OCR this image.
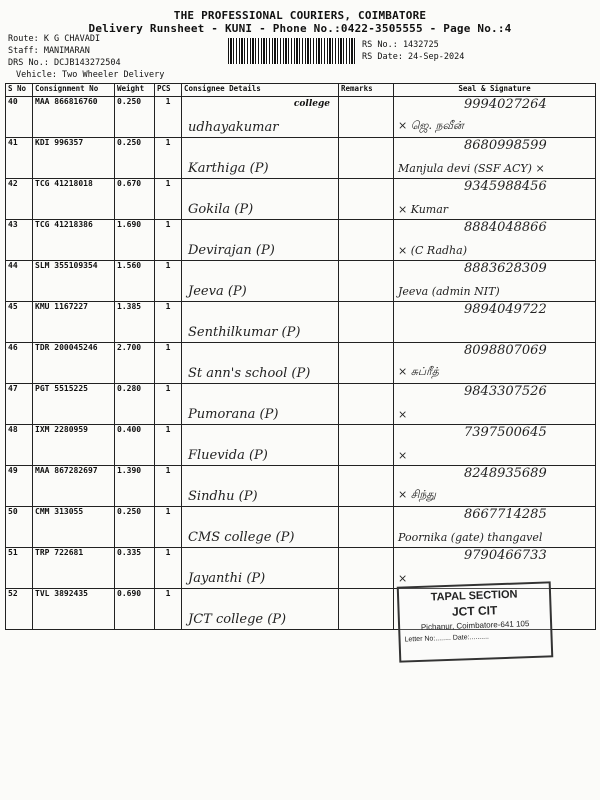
THE PROFESSIONAL COURIERS, COIMBATORE
Delivery Runsheet - KUNI - Phone No.:0422-3505555 - Page No.:4
Route: K G CHAVADI
Staff: MANIMARAN
DRS No.: DCJB143272504
Vehicle: Two Wheeler Delivery
RS No.: 1432725
RS Date: 24-Sep-2024
S No	Consignment No	Weight	PCS	Consignee Details	Remarks	Seal & Signature
40	MAA 866816760	0.250	1	college
udhayakumar		9994027264
× ஜெ. நவீன்

41	KDI 996357	0.250	1	Karthiga (P)		8680998599
Manjula devi (SSF ACY) ×

42	TCG 41218018	0.670	1	Gokila (P)		9345988456
× Kumar

43	TCG 41218386	1.690	1	Devirajan (P)		8884048866
× (C Radha)

44	SLM 355109354	1.560	1	Jeeva (P)		8883628309
Jeeva (admin NIT)

45	KMU 1167227	1.385	1	Senthilkumar (P)		9894049722

46	TDR 200045246	2.700	1	St ann's school (P)		8098807069
× சுப்ரீத்

47	PGT 5515225	0.280	1	Pumorana (P)		9843307526
×

48	IXM 2280959	0.400	1	Fluevida (P)		7397500645
×

49	MAA 867282697	1.390	1	Sindhu (P)		8248935689
× சிந்து

50	CMM 313055	0.250	1	CMS college (P)		8667714285
Poornika (gate) thangavel

51	TRP 722681	0.335	1	Jayanthi (P)		9790466733
×

52	TVL 3892435	0.690	1	JCT college (P)		

TAPAL SECTION
JCT CIT
Pichanur, Coimbatore-641 105
Letter No:........ Date:..........
